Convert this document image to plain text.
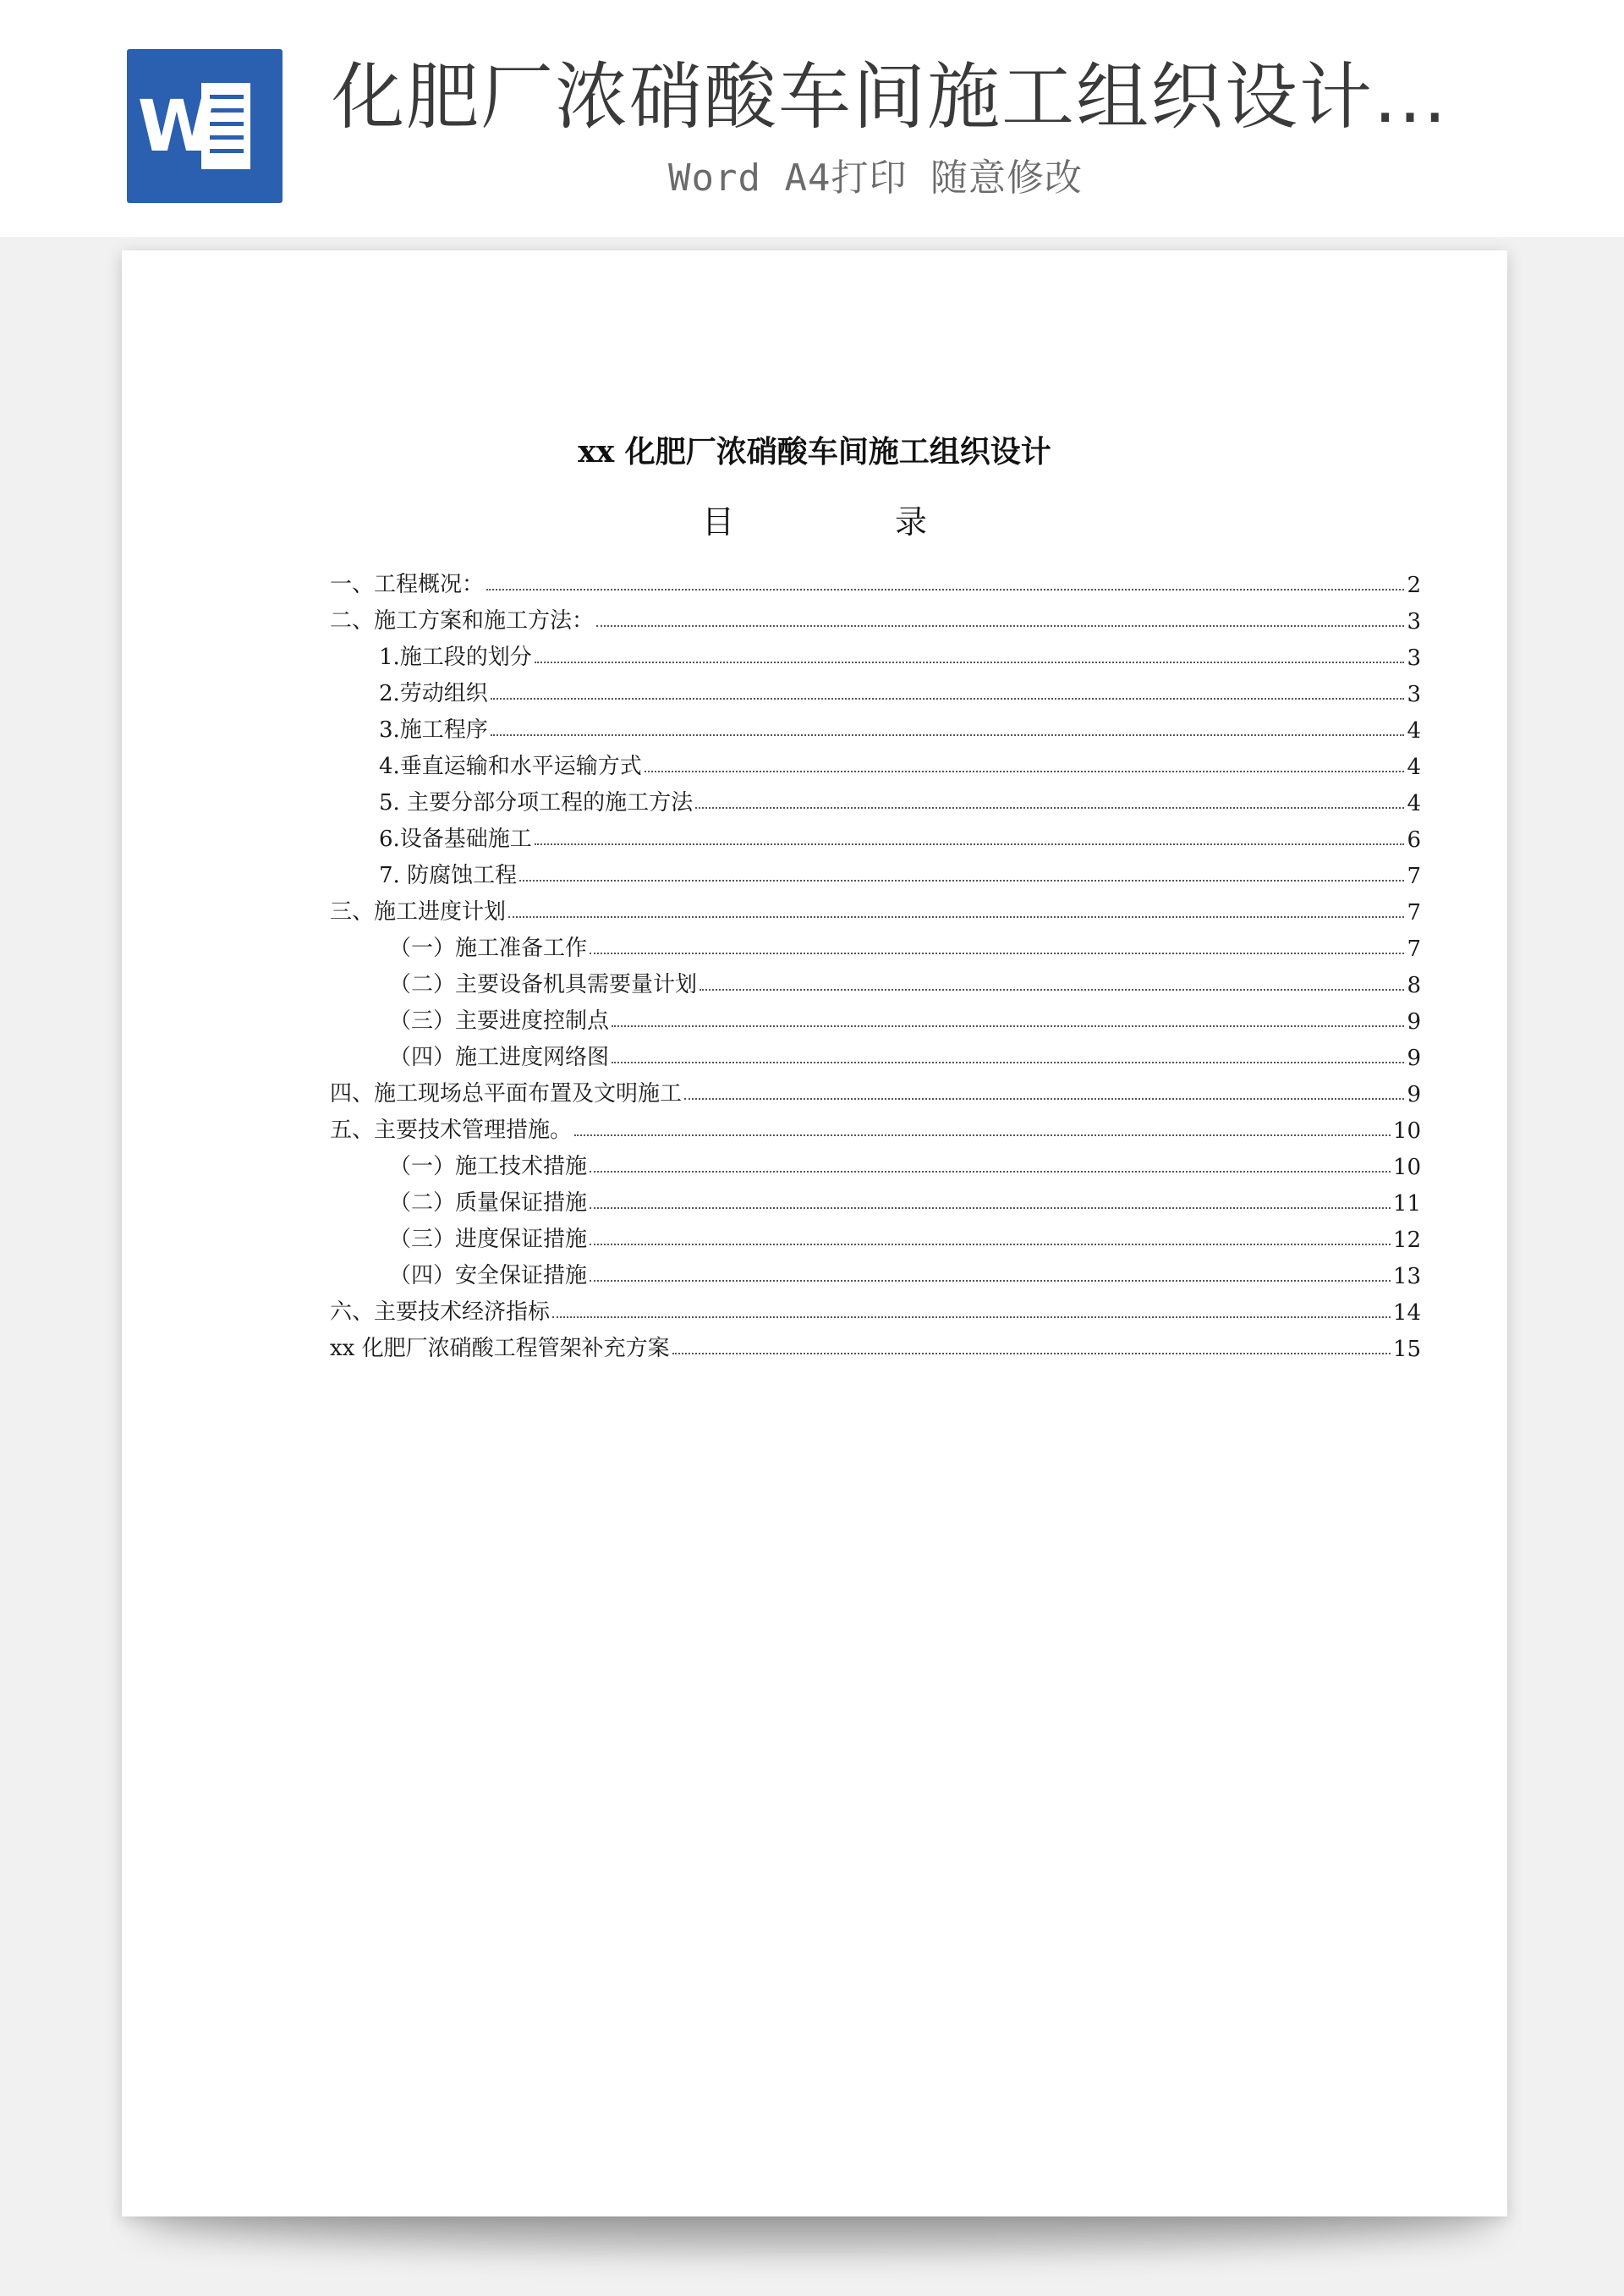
W 化肥厂浓硝酸车间施工组织设计...
Word A4打印 随意修改
xx 化肥厂浓硝酸车间施工组织设计
目	录
一、工程概况：	2
二、施工方案和施工方法：	3
1.施工段的划分	3
2.劳动组织	3
3.施工程序	4
4.垂直运输和水平运输方式	4
5. 主要分部分项工程的施工方法	4
6.设备基础施工	6
7. 防腐蚀工程	7
三、施工进度计划	7
（一）施工准备工作	7
（二）主要设备机具需要量计划	8
（三）主要进度控制点	9
（四）施工进度网络图	9
四、施工现场总平面布置及文明施工	9
五、主要技术管理措施。	10
（一）施工技术措施	10
（二）质量保证措施	11
（三）进度保证措施	12
（四）安全保证措施	13
六、主要技术经济指标	14
xx 化肥厂浓硝酸工程管架补充方案	15
